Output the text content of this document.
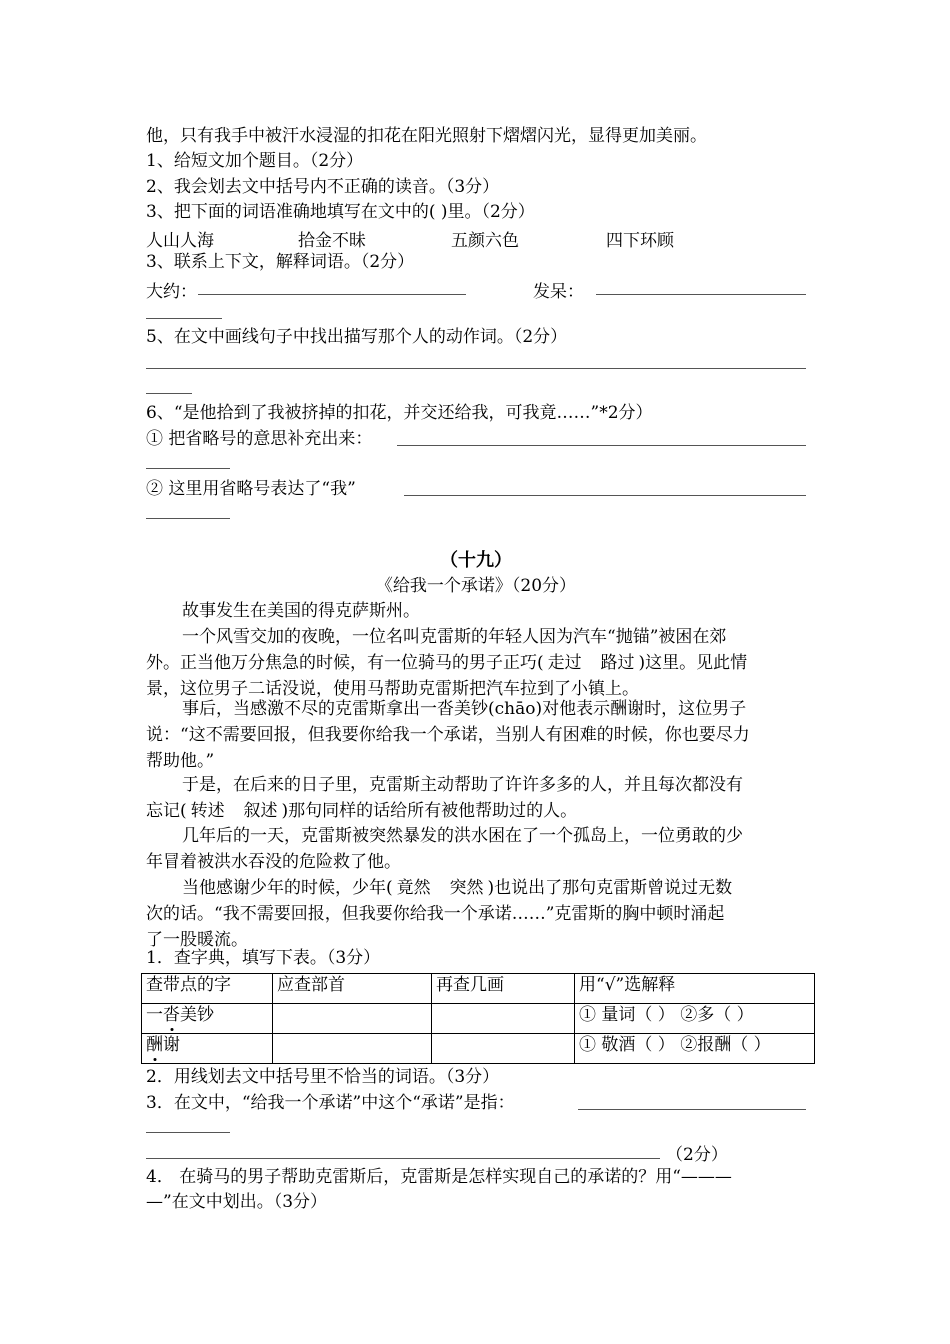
他，只有我手中被汗水浸湿的扣花在阳光照射下熠熠闪光，显得更加美丽。
1、给短文加个题目。（2分）
2、我会划去文中括号内不正确的读音。（3分）
3、把下面的词语准确地填写在文中的( )里。（2分）
人山人海	拾金不昧	五颜六色	四下环顾
3、联系上下文，解释词语。（2分）
大约：	发呆：
5、在文中画线句子中找出描写那个人的动作词。（2分）
6、“是他拾到了我被挤掉的扣花，并交还给我，可我竟……”*2分）
① 把省略号的意思补充出来：
② 这里用省略号表达了“我”
（十九）
《给我一个承诺》（20分）
故事发生在美国的得克萨斯州。
一个风雪交加的夜晚，一位名叫克雷斯的年轻人因为汽车“抛锚”被困在郊
外。正当他万分焦急的时候，有一位骑马的男子正巧( 走过 路过 )这里。见此情
景，这位男子二话没说，使用马帮助克雷斯把汽车拉到了小镇上。
事后，当感激不尽的克雷斯拿出一沓美钞(chāo)对他表示酬谢时，这位男子
说：“这不需要回报，但我要你给我一个承诺，当别人有困难的时候，你也要尽力
帮助他。”
于是，在后来的日子里，克雷斯主动帮助了许许多多的人，并且每次都没有
忘记( 转述 叙述 )那句同样的话给所有被他帮助过的人。
几年后的一天，克雷斯被突然暴发的洪水困在了一个孤岛上，一位勇敢的少
年冒着被洪水吞没的危险救了他。
当他感谢少年的时候，少年( 竟然 突然 )也说出了那句克雷斯曾说过无数
次的话。“我不需要回报，但我要你给我一个承诺……”克雷斯的胸中顿时涌起
了一股暖流。
1．查字典，填写下表。（3分）
查带点的字	应查部首	再查几画	用“√”选解释
一沓美钞			① 量词（ ） ②多（ ）
酬谢			① 敬酒（ ） ②报酬（ ）
2．用线划去文中括号里不恰当的词语。（3分）
3．在文中，“给我一个承诺”中这个“承诺”是指：
（2分）
4． 在骑马的男子帮助克雷斯后，克雷斯是怎样实现自己的承诺的？用“———
—”在文中划出。（3分）
